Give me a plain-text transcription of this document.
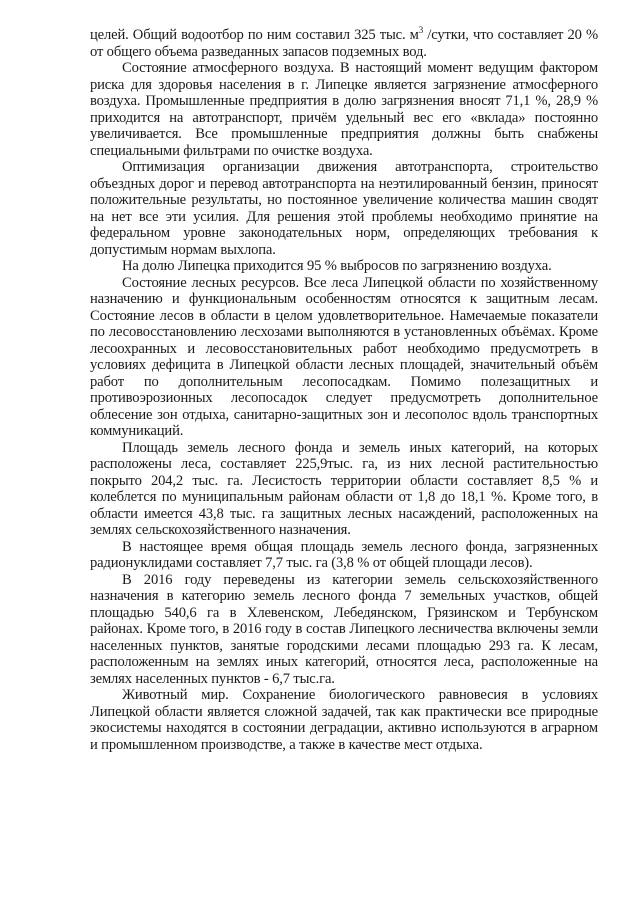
целей. Общий водоотбор по ним составил 325 тыс. $м^3$ /сутки, что составляет 20 % от общего объема разведанных запасов подземных вод.

Состояние атмосферного воздуха. В настоящий момент ведущим фактором риска для здоровья населения в г. Липецке является загрязнение атмосферного воздуха. Промышленные предприятия в долю загрязнения вносят 71,1 %, 28,9 % приходится на автотранспорт, причём удельный вес его «вклада» постоянно увеличивается. Все промышленные предприятия должны быть снабжены специальными фильтрами по очистке воздуха.

Оптимизация организации движения автотранспорта, строительство объездных дорог и перевод автотранспорта на неэтилированный бензин, приносят положительные результаты, но постоянное увеличение количества машин сводят на нет все эти усилия. Для решения этой проблемы необходимо принятие на федеральном уровне законодательных норм, определяющих требования к допустимым нормам выхлопа.

На долю Липецка приходится 95 % выбросов по загрязнению воздуха.

Состояние лесных ресурсов. Все леса Липецкой области по хозяйственному назначению и функциональным особенностям относятся к защитным лесам. Состояние лесов в области в целом удовлетворительное. Намечаемые показатели по лесовосстановлению лесхозами выполняются в установленных объёмах. Кроме лесоохранных и лесовосстановительных работ необходимо предусмотреть в условиях дефицита в Липецкой области лесных площадей, значительный объём работ по дополнительным лесопосадкам. Помимо полезащитных и противоэрозионных лесопосадок следует предусмотреть дополнительное облесение зон отдыха, санитарно-защитных зон и лесополос вдоль транспортных коммуникаций.

Площадь земель лесного фонда и земель иных категорий, на которых расположены леса, составляет 225,9тыс. га, из них лесной растительностью покрыто 204,2 тыс. га. Лесистость территории области составляет 8,5 % и колеблется по муниципальным районам области от 1,8 до 18,1 %. Кроме того, в области имеется 43,8 тыс. га защитных лесных насаждений, расположенных на землях сельскохозяйственного назначения.

В настоящее время общая площадь земель лесного фонда, загрязненных радионуклидами составляет 7,7 тыс. га (3,8 % от общей площади лесов).

В 2016 году переведены из категории земель сельскохозяйственного назначения в категорию земель лесного фонда 7 земельных участков, общей площадью 540,6 га в Хлевенском, Лебедянском, Грязинском и Тербунском районах. Кроме того, в 2016 году в состав Липецкого лесничества включены земли населенных пунктов, занятые городскими лесами площадью 293 га. К лесам, расположенным на землях иных категорий, относятся леса, расположенные на землях населенных пунктов - 6,7 тыс.га.

Животный мир. Сохранение биологического равновесия в условиях Липецкой области является сложной задачей, так как практически все природные экосистемы находятся в состоянии деградации, активно используются в аграрном и промышленном производстве, а также в качестве мест отдыха.
